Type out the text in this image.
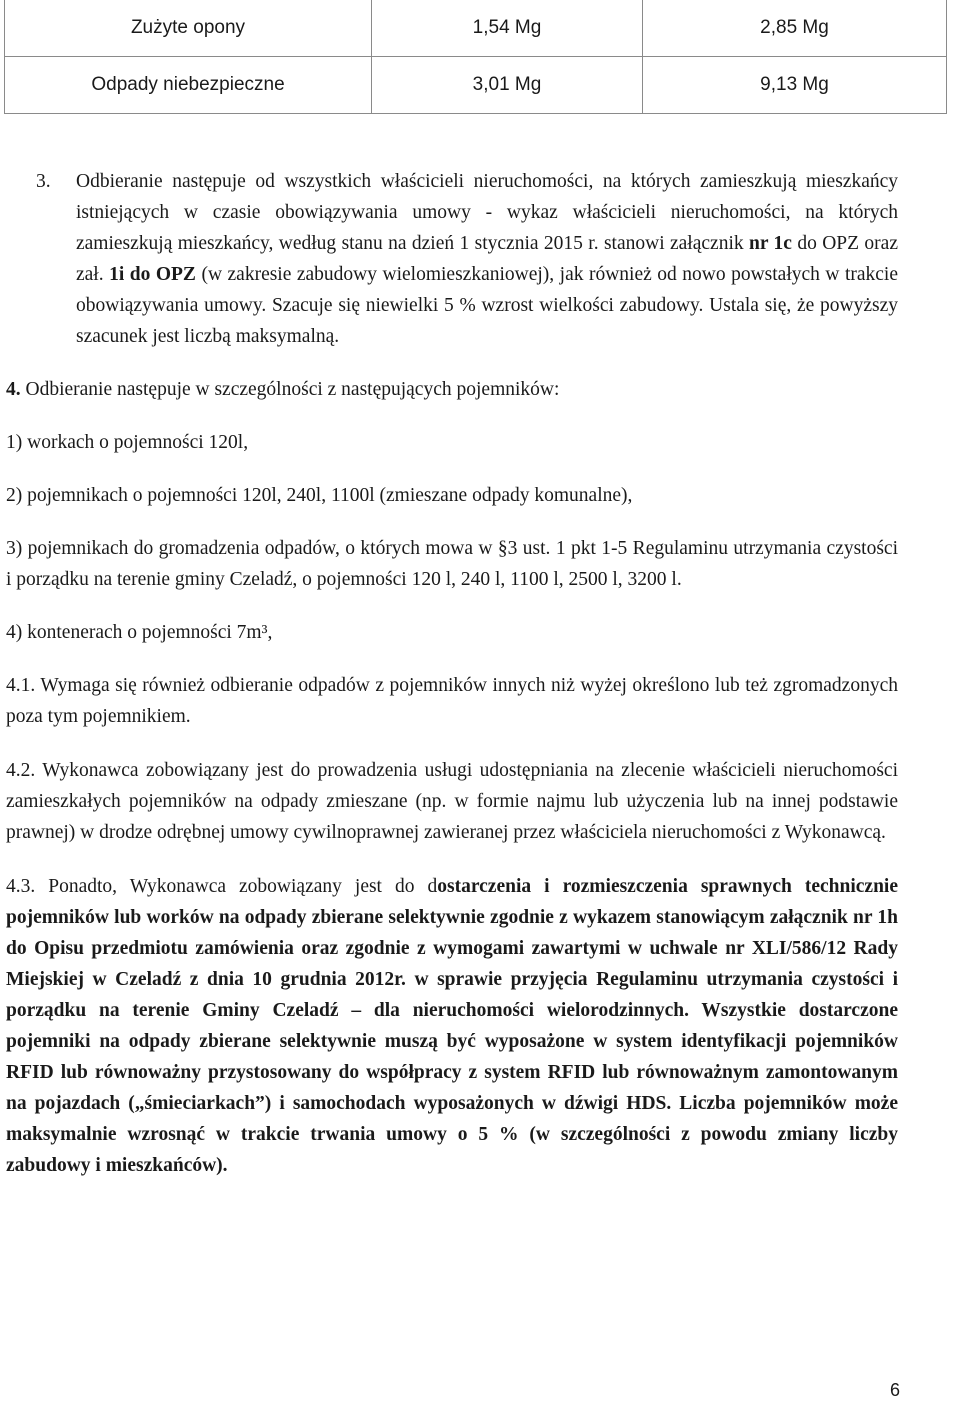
Zużyte opony	1,54 Mg	2,85 Mg
Odpady niebezpieczne	3,01 Mg	9,13 Mg

3. Odbieranie następuje od wszystkich właścicieli nieruchomości, na których zamieszkują mieszkańcy istniejących w czasie obowiązywania umowy - wykaz właścicieli nieruchomości, na których zamieszkują mieszkańcy, według stanu na dzień 1 stycznia 2015 r. stanowi załącznik nr 1c do OPZ oraz zał. 1i do OPZ (w zakresie zabudowy wielomieszkaniowej), jak również od nowo powstałych w trakcie obowiązywania umowy. Szacuje się niewielki 5 % wzrost wielkości zabudowy. Ustala się, że powyższy szacunek jest liczbą maksymalną.

4. Odbieranie następuje w szczególności z następujących pojemników:

1) workach o pojemności 120l,

2) pojemnikach o pojemności 120l, 240l, 1100l (zmieszane odpady komunalne),

3) pojemnikach do gromadzenia odpadów, o których mowa w §3 ust. 1 pkt 1-5 Regulaminu utrzymania czystości i porządku na terenie gminy Czeladź, o pojemności 120 l, 240 l, 1100 l, 2500 l, 3200 l.

4) kontenerach o pojemności 7m³,

4.1. Wymaga się również odbieranie odpadów z pojemników innych niż wyżej określono lub też zgromadzonych poza tym pojemnikiem.

4.2. Wykonawca zobowiązany jest do prowadzenia usługi udostępniania na zlecenie właścicieli nieruchomości zamieszkałych pojemników na odpady zmieszane (np. w formie najmu lub użyczenia lub na innej podstawie prawnej) w drodze odrębnej umowy cywilnoprawnej zawieranej przez właściciela nieruchomości z Wykonawcą.

4.3. Ponadto, Wykonawca zobowiązany jest do dostarczenia i rozmieszczenia sprawnych technicznie pojemników lub worków na odpady zbierane selektywnie zgodnie z wykazem stanowiącym załącznik nr 1h do Opisu przedmiotu zamówienia oraz zgodnie z wymogami zawartymi w uchwale nr XLI/586/12 Rady Miejskiej w Czeladź z dnia 10 grudnia 2012r. w sprawie przyjęcia Regulaminu utrzymania czystości i porządku na terenie Gminy Czeladź – dla nieruchomości wielorodzinnych. Wszystkie dostarczone pojemniki na odpady zbierane selektywnie muszą być wyposażone w system identyfikacji pojemników RFID lub równoważny przystosowany do współpracy z system RFID lub równoważnym zamontowanym na pojazdach („śmieciarkach”) i samochodach wyposażonych w dźwigi HDS. Liczba pojemników może maksymalnie wzrosnąć w trakcie trwania umowy o 5 % (w szczególności z powodu zmiany liczby zabudowy i mieszkańców).

6
